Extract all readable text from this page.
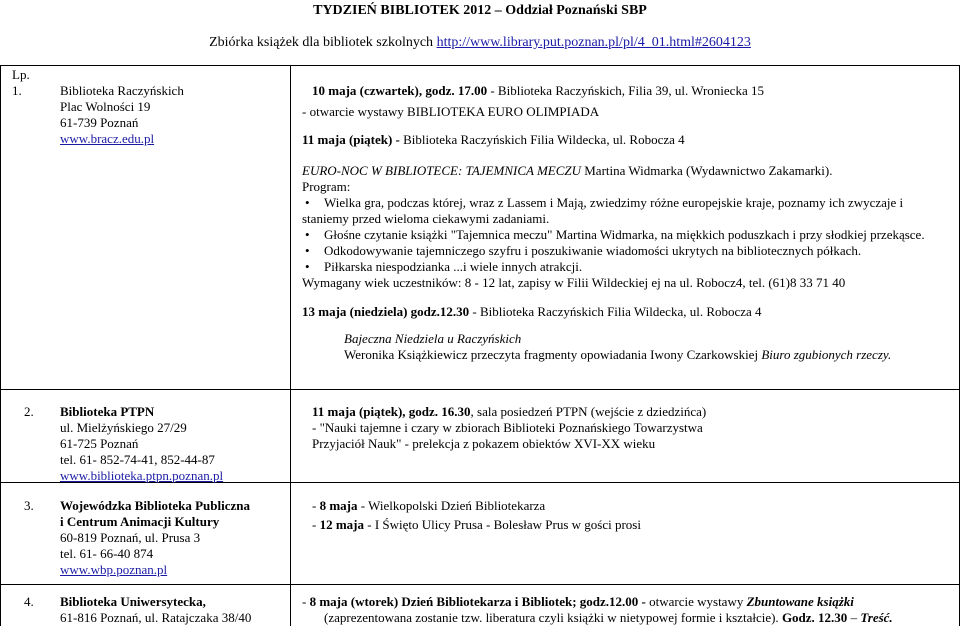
TYDZIEŃ BIBLIOTEK 2012 – Oddział Poznański SBP
Zbiórka książek dla bibliotek szkolnych http://www.library.put.poznan.pl/pl/4_01.html#2604123
Lp.
1.	Biblioteka Raczyńskich
Plac Wolności 19
61-739 Poznań
www.bracz.edu.pl
10 maja (czwartek), godz. 17.00 - Biblioteka Raczyńskich, Filia 39, ul. Wroniecka 15
- otwarcie wystawy BIBLIOTEKA EURO OLIMPIADA
11 maja (piątek) - Biblioteka Raczyńskich Filia Wildecka, ul. Robocza 4
EURO-NOC W BIBLIOTECE: TAJEMNICA MECZU Martina Widmarka (Wydawnictwo Zakamarki).
Program:
• Wielka gra, podczas której, wraz z Lassem i Mają, zwiedzimy różne europejskie kraje, poznamy ich zwyczaje i
staniemy przed wieloma ciekawymi zadaniami.
• Głośne czytanie książki "Tajemnica meczu" Martina Widmarka, na miękkich poduszkach i przy słodkiej przekąsce.
• Odkodowywanie tajemniczego szyfru i poszukiwanie wiadomości ukrytych na bibliotecznych półkach.
• Piłkarska niespodzianka ...i wiele innych atrakcji.
Wymagany wiek uczestników: 8 - 12 lat, zapisy w Filii Wildeckiej ej na ul. Robocz4, tel. (61)8 33 71 40
13 maja (niedziela) godz.12.30 - Biblioteka Raczyńskich Filia Wildecka, ul. Robocza 4
Bajeczna Niedziela u Raczyńskich
Weronika Książkiewicz przeczyta fragmenty opowiadania Iwony Czarkowskiej Biuro zgubionych rzeczy.
2. Biblioteka PTPN
ul. Mielżyńskiego 27/29
61-725 Poznań
tel. 61- 852-74-41, 852-44-87
www.biblioteka.ptpn.poznan.pl
11 maja (piątek), godz. 16.30, sala posiedzeń PTPN (wejście z dziedzińca)
- "Nauki tajemne i czary w zbiorach Biblioteki Poznańskiego Towarzystwa
Przyjaciół Nauk" - prelekcja z pokazem obiektów XVI-XX wieku
3. Wojewódzka Biblioteka Publiczna
i Centrum Animacji Kultury
60-819 Poznań, ul. Prusa 3
tel. 61- 66-40 874
www.wbp.poznan.pl
- 8 maja - Wielkopolski Dzień Bibliotekarza
- 12 maja - I Święto Ulicy Prusa - Bolesław Prus w gości prosi
4. Biblioteka Uniwersytecka,
61-816 Poznań, ul. Ratajczaka 38/40
- 8 maja (wtorek) Dzień Bibliotekarza i Bibliotek; godz.12.00 - otwarcie wystawy Zbuntowane książki
(zaprezentowana zostanie tzw. liberatura czyli książki w nietypowej formie i kształcie). Godz. 12.30 – Treść.
